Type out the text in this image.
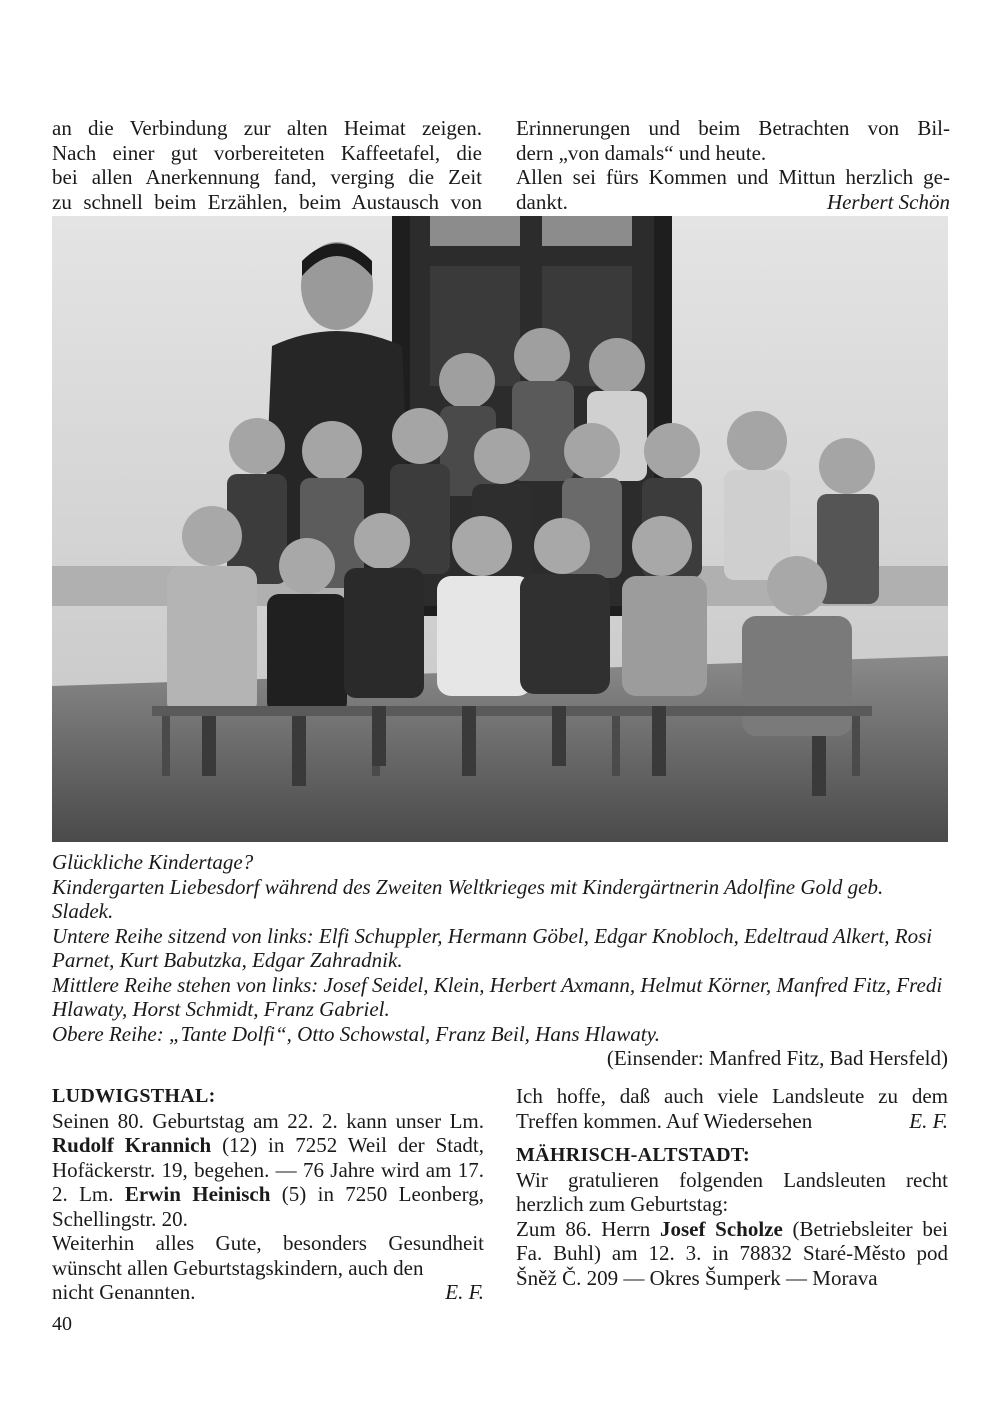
an die Verbindung zur alten Heimat zeigen.

Nach einer gut vorbereiteten Kaffeetafel, die

bei allen Anerkennung fand, verging die Zeit

zu schnell beim Erzählen, beim Austausch von

Erinnerungen und beim Betrachten von Bil-

dern „von damals“ und heute.

Allen sei fürs Kommen und Mittun herzlich ge-

dankt.	Herbert Schön

Glückliche Kindertage?

Kindergarten Liebesdorf während des Zweiten Weltkrieges mit Kindergärtnerin Adolfine Gold geb. Sladek.

Untere Reihe sitzend von links: Elfi Schuppler, Hermann Göbel, Edgar Knobloch, Edeltraud Alkert, Rosi Parnet, Kurt Babutzka, Edgar Zahradnik.

Mittlere Reihe stehen von links: Josef Seidel, Klein, Herbert Axmann, Helmut Körner, Manfred Fitz, Fredi Hlawaty, Horst Schmidt, Franz Gabriel.

Obere Reihe: „Tante Dolfi“, Otto Schowstal, Franz Beil, Hans Hlawaty.

(Einsender: Manfred Fitz, Bad Hersfeld)

LUDWIGSTHAL:

Seinen 80. Geburtstag am 22. 2. kann unser Lm. Rudolf Krannich (12) in 7252 Weil der Stadt, Hofäckerstr. 19, begehen. — 76 Jahre wird am 17. 2. Lm. Erwin Heinisch (5) in 7250 Leonberg, Schellingstr. 20.

Weiterhin alles Gute, besonders Gesundheit wünscht allen Geburtstagskindern, auch den

nicht Genannten.	E. F.

Ich hoffe, daß auch viele Landsleute zu dem

Treffen kommen. Auf Wiedersehen	E. F.

MÄHRISCH-ALTSTADT:

Wir gratulieren folgenden Landsleuten recht herzlich zum Geburtstag:

Zum 86. Herrn Josef Scholze (Betriebsleiter bei Fa. Buhl) am 12. 3. in 78832 Staré-Město pod Šněž Č. 209 — Okres Šumperk — Morava

40
